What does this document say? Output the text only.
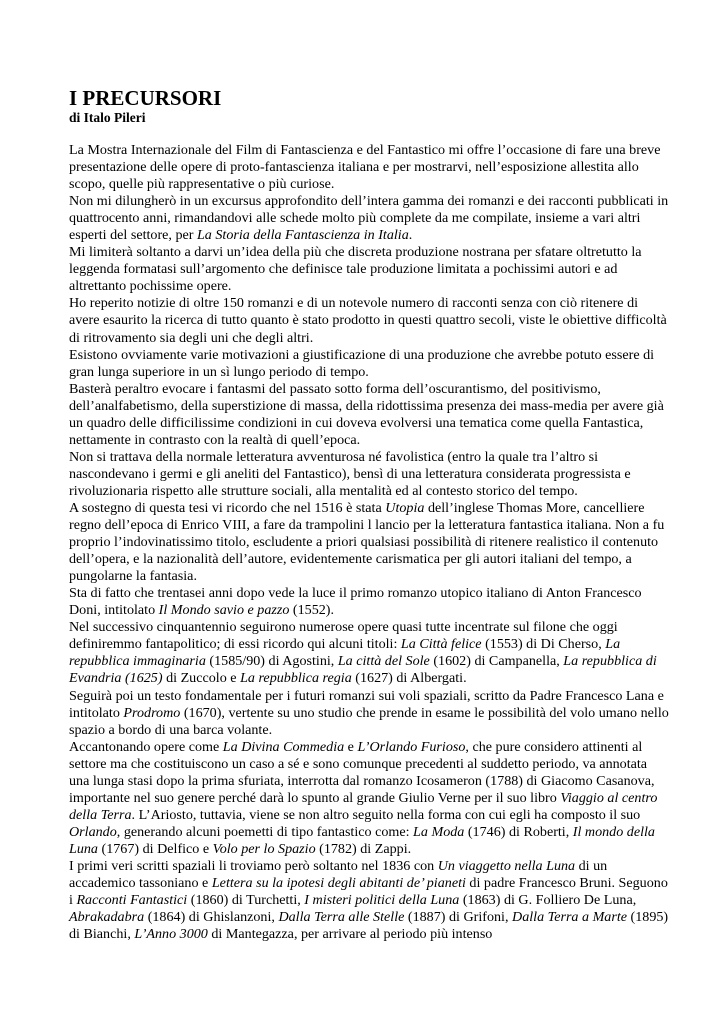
I PRECURSORI
di Italo Pileri

La Mostra Internazionale del Film di Fantascienza e del Fantastico mi offre l’occasione di fare una breve presentazione delle opere di proto-fantascienza italiana e per mostrarvi, nell’esposizione allestita allo scopo, quelle più rappresentative o più curiose.

Non mi dilungherò in un excursus approfondito dell’intera gamma dei romanzi e dei racconti pubblicati in quattrocento anni, rimandandovi alle schede molto più complete da me compilate, insieme a vari altri esperti del settore, per La Storia della Fantascienza in Italia.

Mi limiterà soltanto a darvi un’idea della più che discreta produzione nostrana per sfatare oltretutto la leggenda formatasi sull’argomento che definisce tale produzione limitata a pochissimi autori e ad altrettanto pochissime opere.

Ho reperito notizie di oltre 150 romanzi e di un notevole numero di racconti senza con ciò ritenere di avere esaurito la ricerca di tutto quanto è stato prodotto in questi quattro secoli, viste le obiettive difficoltà di ritrovamento sia degli uni che degli altri.

Esistono ovviamente varie motivazioni a giustificazione di una produzione che avrebbe potuto essere di gran lunga superiore in un sì lungo periodo di tempo.

Basterà peraltro evocare i fantasmi del passato sotto forma dell’oscurantismo, del positivismo, dell’analfabetismo, della superstizione di massa, della ridottissima presenza dei mass-media per avere già un quadro delle difficilissime condizioni in cui doveva evolversi una tematica come quella Fantastica, nettamente in contrasto con la realtà di quell’epoca.

Non si trattava della normale letteratura avventurosa né favolistica (entro la quale tra l’altro si nascondevano i germi e gli aneliti del Fantastico), bensì di una letteratura considerata progressista e rivoluzionaria rispetto alle strutture sociali, alla mentalità ed al contesto storico del tempo.

A sostegno di questa tesi vi ricordo che nel 1516 è stata Utopia dell’inglese Thomas More, cancelliere regno dell’epoca di Enrico VIII, a fare da trampolini l lancio per la letteratura fantastica italiana. Non a fu proprio l’indovinatissimo titolo, escludente a priori qualsiasi possibilità di ritenere realistico il contenuto dell’opera, e la nazionalità dell’autore, evidentemente carismatica per gli autori italiani del tempo, a pungolarne la fantasia.

Sta di fatto che trentasei anni dopo vede la luce il primo romanzo utopico italiano di Anton Francesco Doni, intitolato Il Mondo savio e pazzo (1552).

Nel successivo cinquantennio seguirono numerose opere quasi tutte incentrate sul filone che oggi definiremmo fantapolitico; di essi ricordo qui alcuni titoli: La Città felice (1553) di Di Cherso, La repubblica immaginaria (1585/90) di Agostini, La città del Sole (1602) di Campanella, La repubblica di Evandria (1625) di Zuccolo e La repubblica regia (1627) di Albergati.

Seguirà poi un testo fondamentale per i futuri romanzi sui voli spaziali, scritto da Padre Francesco Lana e intitolato Prodromo (1670), vertente su uno studio che prende in esame le possibilità del volo umano nello spazio a bordo di una barca volante.

Accantonando opere come La Divina Commedia e L’Orlando Furioso, che pure considero attinenti al settore ma che costituiscono un caso a sé e sono comunque precedenti al suddetto periodo, va annotata una lunga stasi dopo la prima sfuriata, interrotta dal romanzo Icosameron (1788) di Giacomo Casanova, importante nel suo genere perché darà lo spunto al grande Giulio Verne per il suo libro Viaggio al centro della Terra. L’Ariosto, tuttavia, viene se non altro seguito nella forma con cui egli ha composto il suo Orlando, generando alcuni poemetti di tipo fantastico come: La Moda (1746) di Roberti, Il mondo della Luna (1767) di Delfico e Volo per lo Spazio (1782) di Zappi.

I primi veri scritti spaziali li troviamo però soltanto nel 1836 con Un viaggetto nella Luna di un accademico tassoniano e Lettera su la ipotesi degli abitanti de’ pianeti di padre Francesco Bruni. Seguono i Racconti Fantastici (1860) di Turchetti, I misteri politici della Luna (1863) di G. Folliero De Luna, Abrakadabra (1864) di Ghislanzoni, Dalla Terra alle Stelle (1887) di Grifoni, Dalla Terra a Marte (1895) di Bianchi, L’Anno 3000 di Mantegazza, per arrivare al periodo più intenso
